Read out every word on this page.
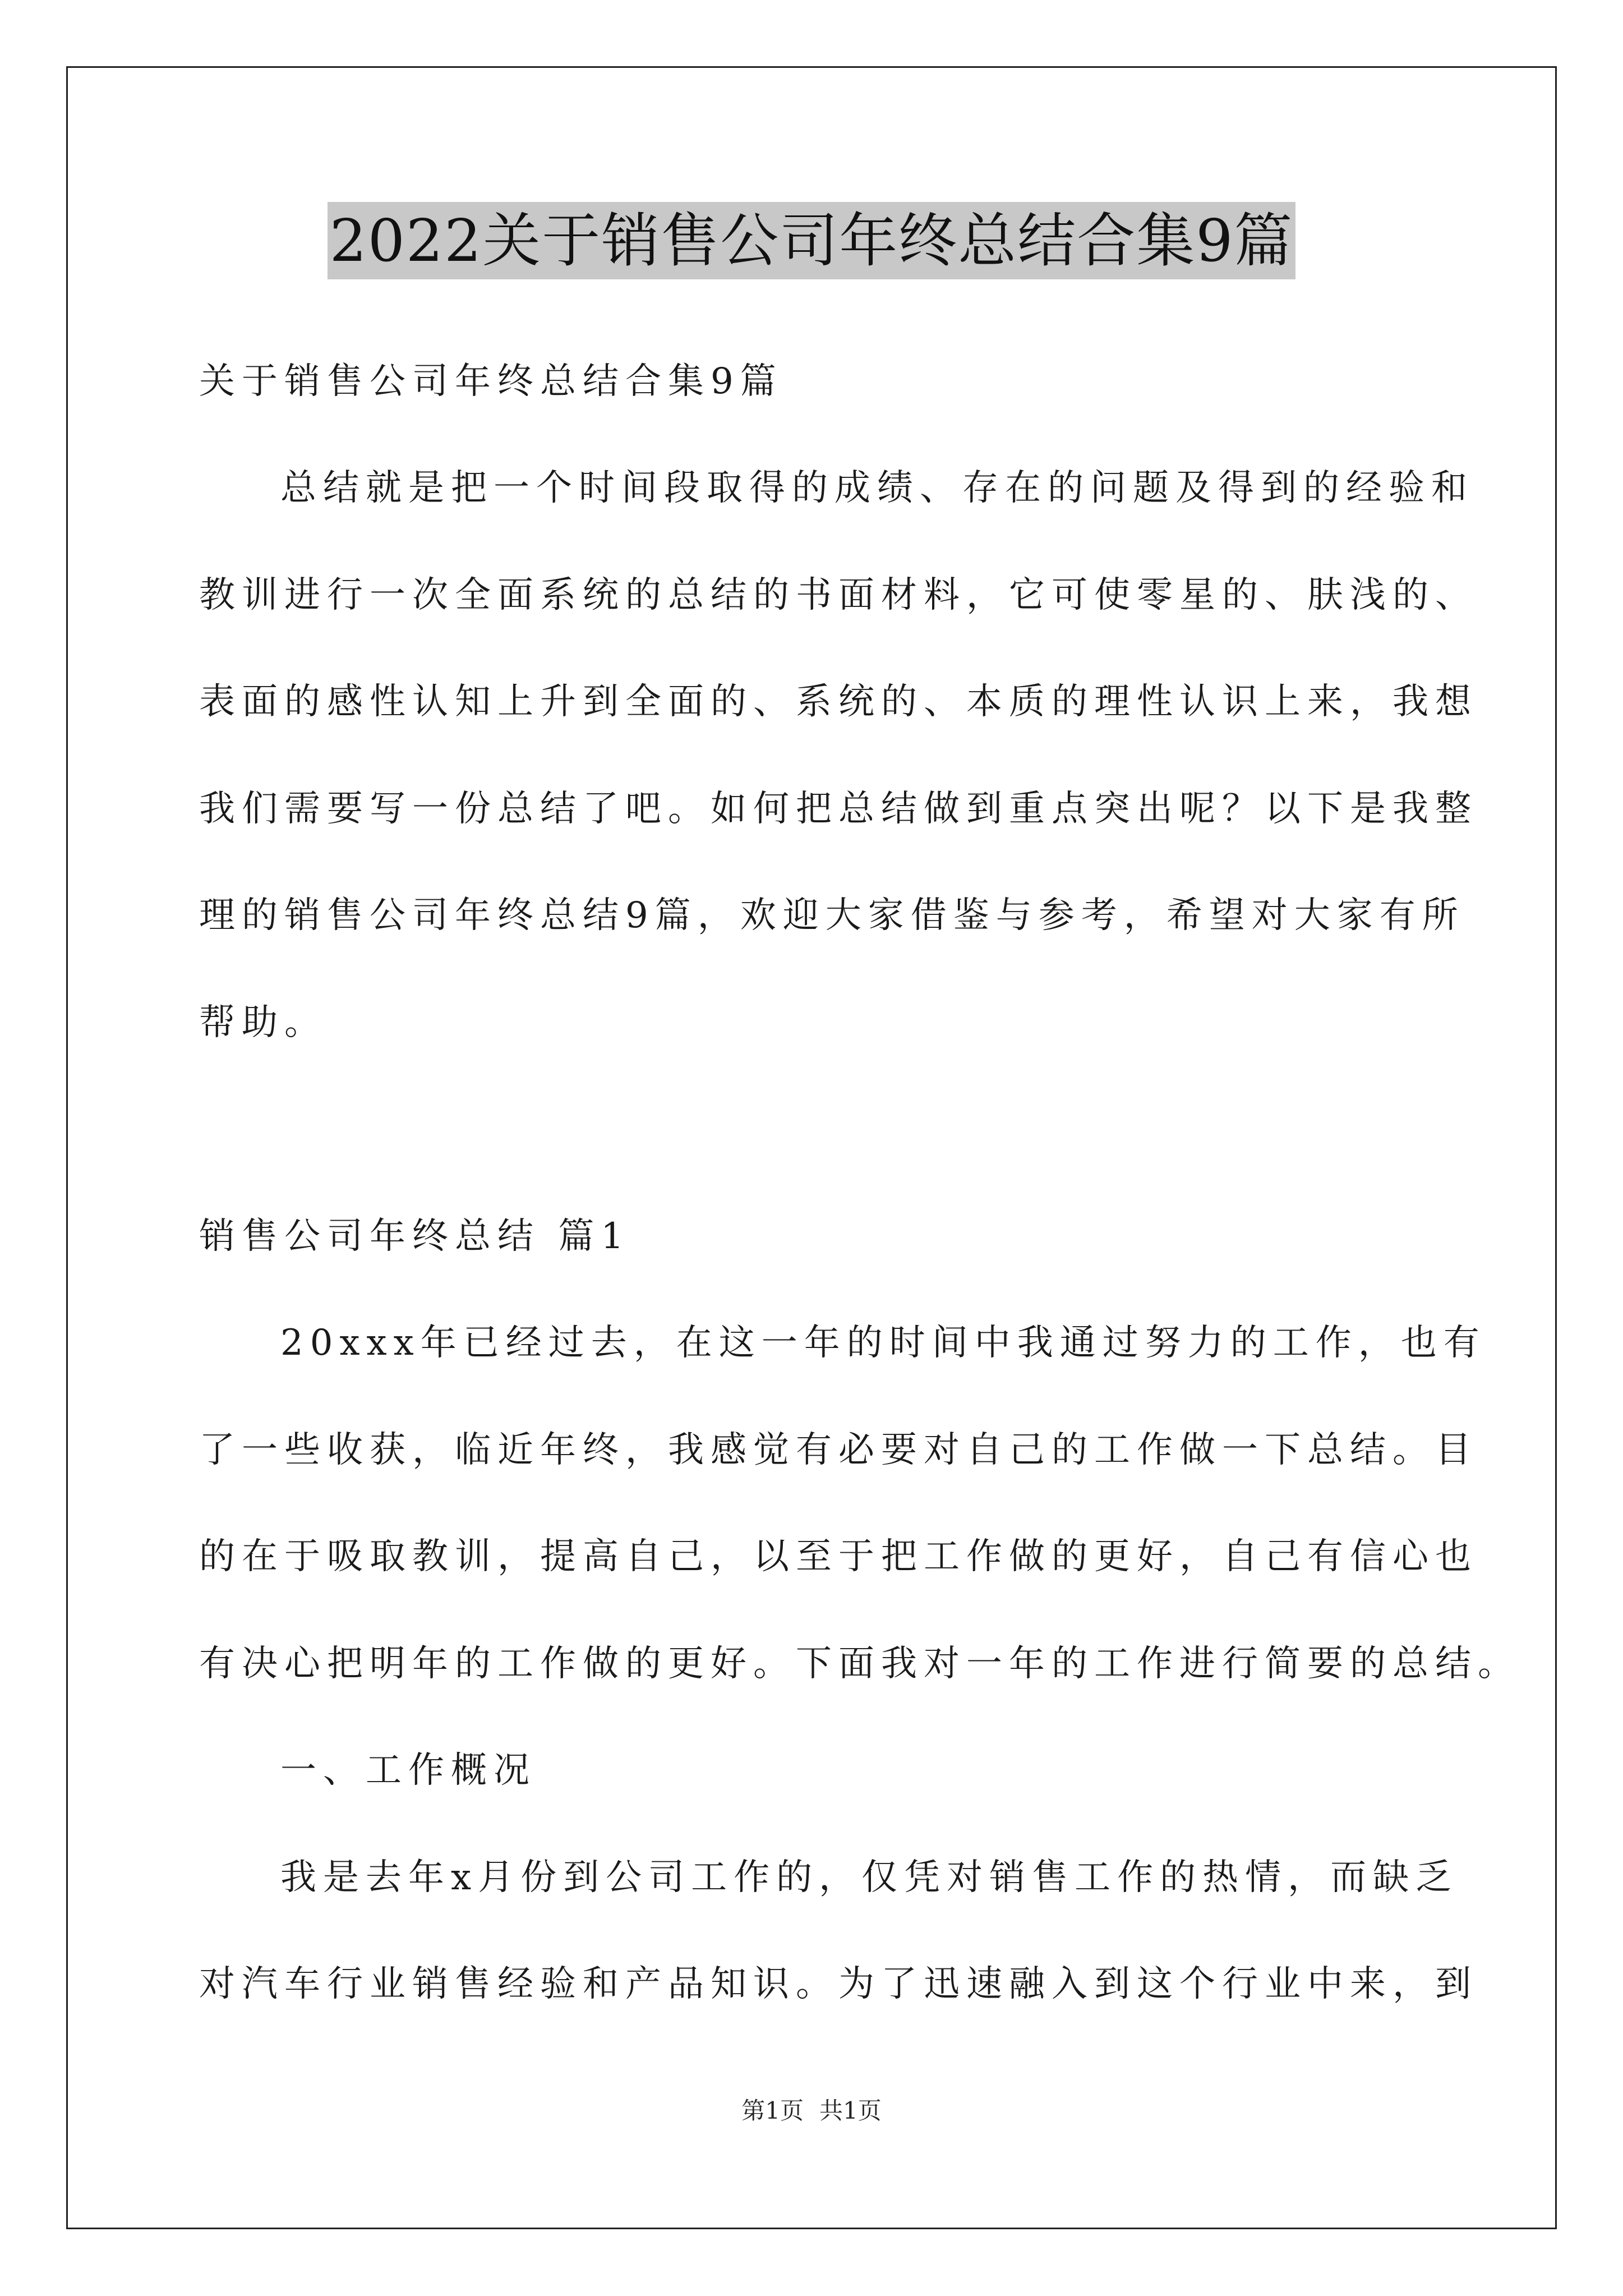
2022关于销售公司年终总结合集9篇
关于销售公司年终总结合集9篇
总结就是把一个时间段取得的成绩、存在的问题及得到的经验和
教训进行一次全面系统的总结的书面材料，它可使零星的、肤浅的、
表面的感性认知上升到全面的、系统的、本质的理性认识上来，我想
我们需要写一份总结了吧。如何把总结做到重点突出呢？以下是我整
理的销售公司年终总结9篇，欢迎大家借鉴与参考，希望对大家有所
帮助。
销售公司年终总结 篇1
20xxx年已经过去，在这一年的时间中我通过努力的工作，也有
了一些收获，临近年终，我感觉有必要对自己的工作做一下总结。目
的在于吸取教训，提高自己，以至于把工作做的更好，自己有信心也
有决心把明年的工作做的更好。下面我对一年的工作进行简要的总结。
一、工作概况
我是去年x月份到公司工作的，仅凭对销售工作的热情，而缺乏
对汽车行业销售经验和产品知识。为了迅速融入到这个行业中来，到
第1页 共1页
